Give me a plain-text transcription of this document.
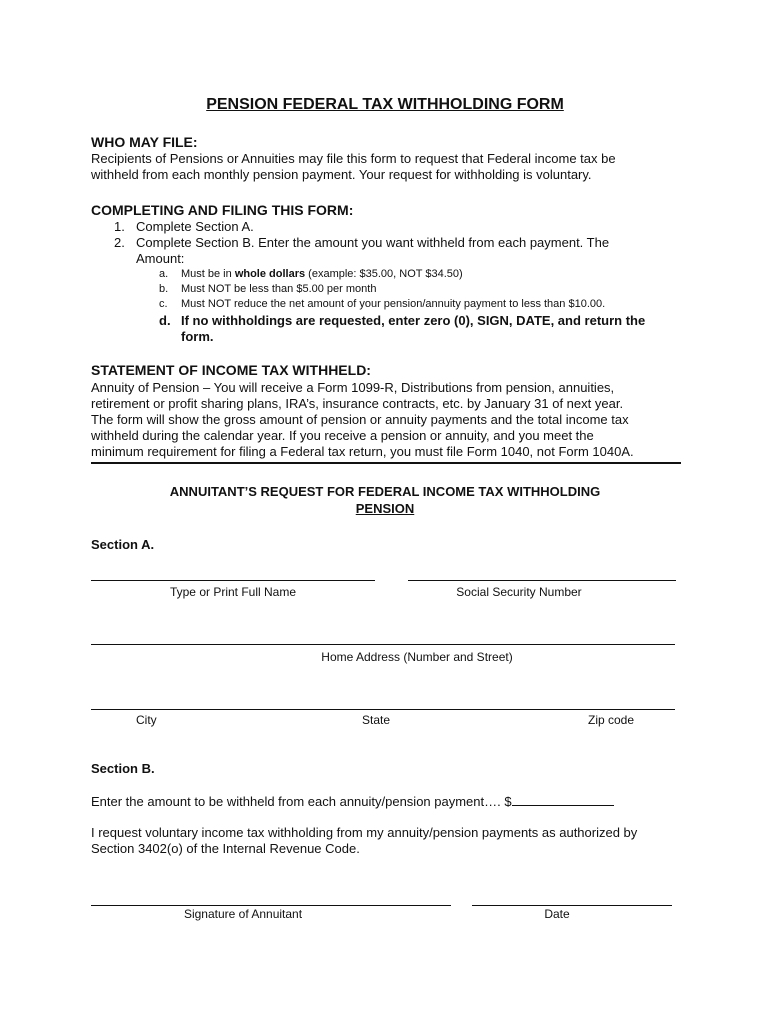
PENSION FEDERAL TAX WITHHOLDING FORM
WHO MAY FILE:
Recipients of Pensions or Annuities may file this form to request that Federal income tax be
withheld from each monthly pension payment. Your request for withholding is voluntary.
COMPLETING AND FILING THIS FORM:
1. Complete Section A.
2. Complete Section B. Enter the amount you want withheld from each payment. The
Amount:
a. Must be in whole dollars (example: $35.00, NOT $34.50)
b. Must NOT be less than $5.00 per month
c. Must NOT reduce the net amount of your pension/annuity payment to less than $10.00.
d. If no withholdings are requested, enter zero (0), SIGN, DATE, and return the
form.
STATEMENT OF INCOME TAX WITHHELD:
Annuity of Pension – You will receive a Form 1099-R, Distributions from pension, annuities,
retirement or profit sharing plans, IRA’s, insurance contracts, etc. by January 31 of next year.
The form will show the gross amount of pension or annuity payments and the total income tax
withheld during the calendar year. If you receive a pension or annuity, and you meet the
minimum requirement for filing a Federal tax return, you must file Form 1040, not Form 1040A.
ANNUITANT’S REQUEST FOR FEDERAL INCOME TAX WITHHOLDING
PENSION
Section A.
Type or Print Full Name	Social Security Number
Home Address (Number and Street)
City	State	Zip code
Section B.
Enter the amount to be withheld from each annuity/pension payment…. $
I request voluntary income tax withholding from my annuity/pension payments as authorized by
Section 3402(o) of the Internal Revenue Code.
Signature of Annuitant	Date
